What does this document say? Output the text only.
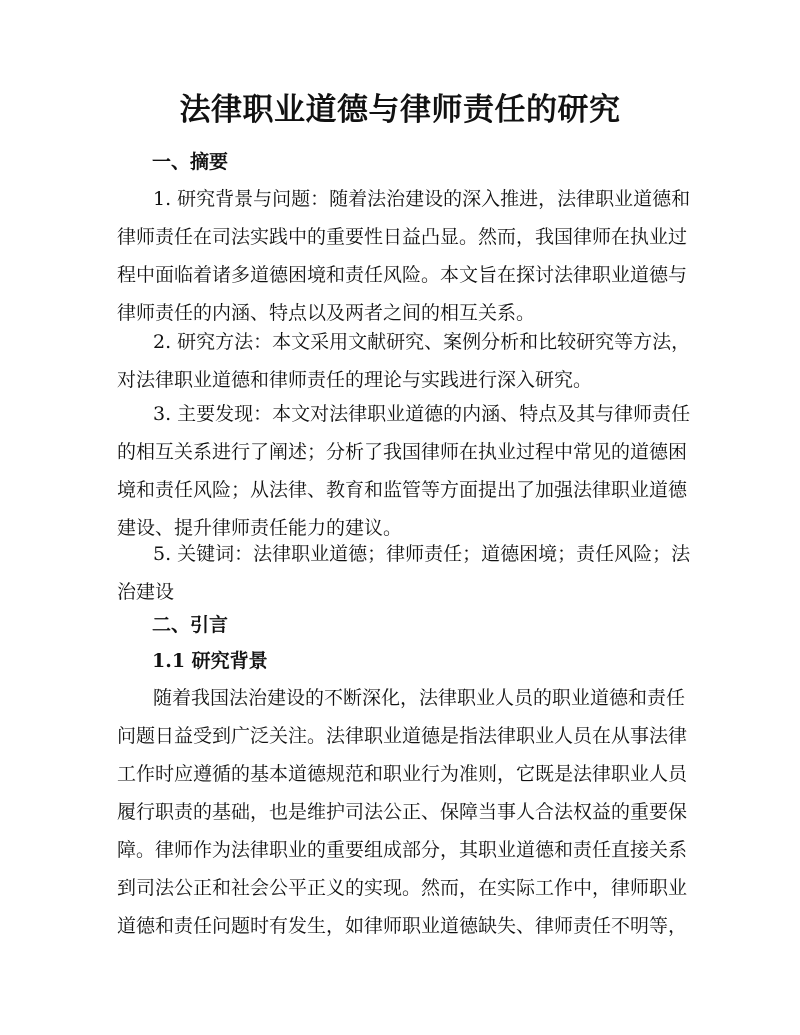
法律职业道德与律师责任的研究
一、摘要
1. 研究背景与问题：随着法治建设的深入推进，法律职业道德和
律师责任在司法实践中的重要性日益凸显。然而，我国律师在执业过
程中面临着诸多道德困境和责任风险。本文旨在探讨法律职业道德与
律师责任的内涵、特点以及两者之间的相互关系。
2. 研究方法：本文采用文献研究、案例分析和比较研究等方法，
对法律职业道德和律师责任的理论与实践进行深入研究。
3. 主要发现：本文对法律职业道德的内涵、特点及其与律师责任
的相互关系进行了阐述；分析了我国律师在执业过程中常见的道德困
境和责任风险；从法律、教育和监管等方面提出了加强法律职业道德
建设、提升律师责任能力的建议。
5. 关键词：法律职业道德；律师责任；道德困境；责任风险；法
治建设
二、引言
1.1 研究背景
随着我国法治建设的不断深化，法律职业人员的职业道德和责任
问题日益受到广泛关注。法律职业道德是指法律职业人员在从事法律
工作时应遵循的基本道德规范和职业行为准则，它既是法律职业人员
履行职责的基础，也是维护司法公正、保障当事人合法权益的重要保
障。律师作为法律职业的重要组成部分，其职业道德和责任直接关系
到司法公正和社会公平正义的实现。然而，在实际工作中，律师职业
道德和责任问题时有发生，如律师职业道德缺失、律师责任不明等，
